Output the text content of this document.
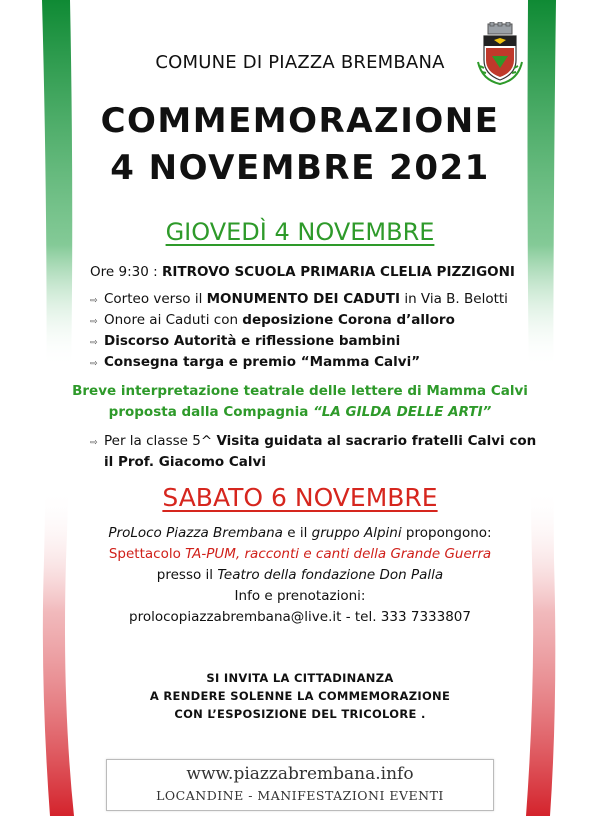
COMUNE DI PIAZZA BREMBANA
COMMEMORAZIONE
4 NOVEMBRE 2021
GIOVEDÌ 4 NOVEMBRE
Ore 9:30 : RITROVO SCUOLA PRIMARIA CLELIA PIZZIGONI
⇨ Corteo verso il MONUMENTO DEI CADUTI in Via B. Belotti
⇨ Onore ai Caduti con deposizione Corona d’alloro
⇨ Discorso Autorità e riflessione bambini
⇨ Consegna targa e premio “Mamma Calvi”
Breve interpretazione teatrale delle lettere di Mamma Calvi
proposta dalla Compagnia “LA GILDA DELLE ARTI”
⇨ Per la classe 5^ Visita guidata al sacrario fratelli Calvi con
il Prof. Giacomo Calvi
SABATO 6 NOVEMBRE
ProLoco Piazza Brembana e il gruppo Alpini propongono:
Spettacolo TA-PUM, racconti e canti della Grande Guerra
presso il Teatro della fondazione Don Palla
Info e prenotazioni:
prolocopiazzabrembana@live.it - tel. 333 7333807
SI INVITA LA CITTADINANZA
A RENDERE SOLENNE LA COMMEMORAZIONE
CON L’ESPOSIZIONE DEL TRICOLORE .
www.piazzabrembana.info
LOCANDINE - MANIFESTAZIONI EVENTI
